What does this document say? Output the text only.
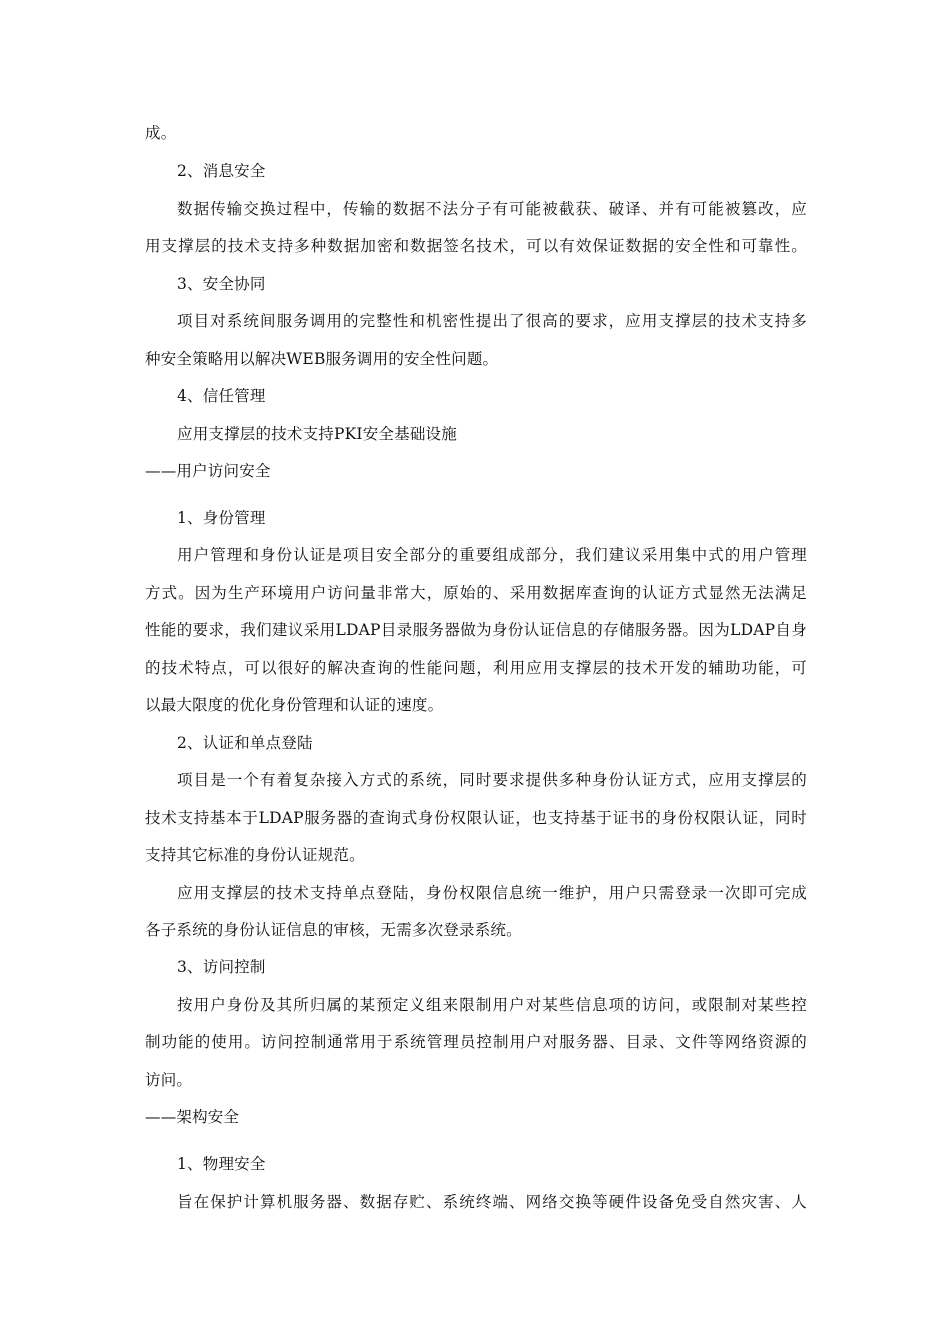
成。
2、消息安全
数据传输交换过程中，传输的数据不法分子有可能被截获、破译、并有可能被篡改，应
用支撑层的技术支持多种数据加密和数据签名技术，可以有效保证数据的安全性和可靠性。
3、安全协同
项目对系统间服务调用的完整性和机密性提出了很高的要求，应用支撑层的技术支持多
种安全策略用以解决WEB服务调用的安全性问题。
4、信任管理
应用支撑层的技术支持PKI安全基础设施
——用户访问安全
1、身份管理
用户管理和身份认证是项目安全部分的重要组成部分，我们建议采用集中式的用户管理
方式。因为生产环境用户访问量非常大，原始的、采用数据库查询的认证方式显然无法满足
性能的要求，我们建议采用LDAP目录服务器做为身份认证信息的存储服务器。因为LDAP自身
的技术特点，可以很好的解决查询的性能问题，利用应用支撑层的技术开发的辅助功能，可
以最大限度的优化身份管理和认证的速度。
2、认证和单点登陆
项目是一个有着复杂接入方式的系统，同时要求提供多种身份认证方式，应用支撑层的
技术支持基本于LDAP服务器的查询式身份权限认证，也支持基于证书的身份权限认证，同时
支持其它标准的身份认证规范。
应用支撑层的技术支持单点登陆，身份权限信息统一维护，用户只需登录一次即可完成
各子系统的身份认证信息的审核，无需多次登录系统。
3、访问控制
按用户身份及其所归属的某预定义组来限制用户对某些信息项的访问，或限制对某些控
制功能的使用。访问控制通常用于系统管理员控制用户对服务器、目录、文件等网络资源的
访问。
——架构安全
1、物理安全
旨在保护计算机服务器、数据存贮、系统终端、网络交换等硬件设备免受自然灾害、人
